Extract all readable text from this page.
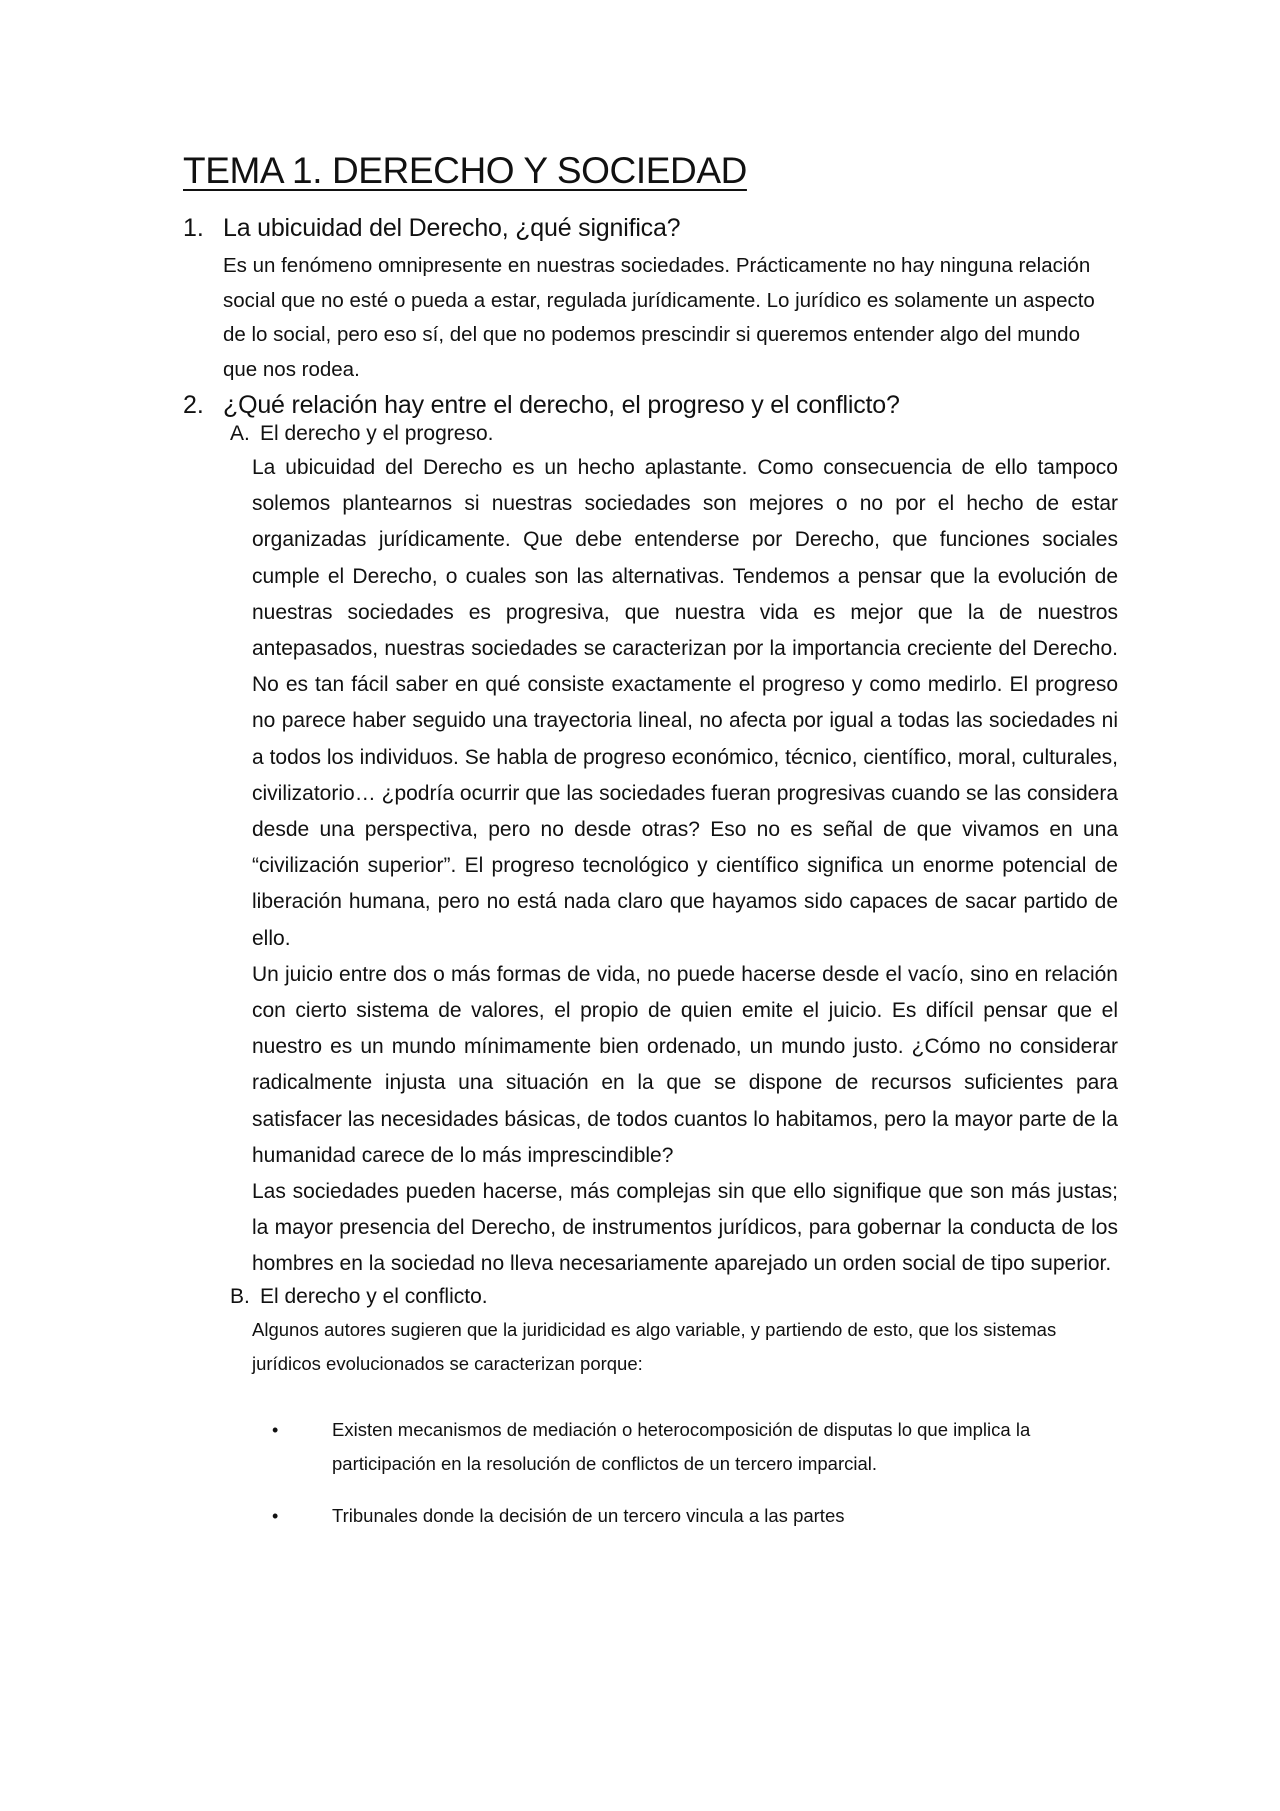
TEMA 1. DERECHO Y SOCIEDAD
1. La ubicuidad del Derecho, ¿qué significa?
Es un fenómeno omnipresente en nuestras sociedades. Prácticamente no hay ninguna relación social que no esté o pueda a estar, regulada jurídicamente. Lo jurídico es solamente un aspecto de lo social, pero eso sí, del que no podemos prescindir si queremos entender algo del mundo que nos rodea.
2. ¿Qué relación hay entre el derecho, el progreso y el conflicto?
A. El derecho y el progreso.

La ubicuidad del Derecho es un hecho aplastante. Como consecuencia de ello tampoco solemos plantearnos si nuestras sociedades son mejores o no por el hecho de estar organizadas jurídicamente. Que debe entenderse por Derecho, que funciones sociales cumple el Derecho, o cuales son las alternativas. Tendemos a pensar que la evolución de nuestras sociedades es progresiva, que nuestra vida es mejor que la de nuestros antepasados, nuestras sociedades se caracterizan por la importancia creciente del Derecho. No es tan fácil saber en qué consiste exactamente el progreso y como medirlo. El progreso no parece haber seguido una trayectoria lineal, no afecta por igual a todas las sociedades ni a todos los individuos. Se habla de progreso económico, técnico, científico, moral, culturales, civilizatorio… ¿podría ocurrir que las sociedades fueran progresivas cuando se las considera desde una perspectiva, pero no desde otras? Eso no es señal de que vivamos en una “civilización superior”. El progreso tecnológico y científico significa un enorme potencial de liberación humana, pero no está nada claro que hayamos sido capaces de sacar partido de ello.

Un juicio entre dos o más formas de vida, no puede hacerse desde el vacío, sino en relación con cierto sistema de valores, el propio de quien emite el juicio. Es difícil pensar que el nuestro es un mundo mínimamente bien ordenado, un mundo justo. ¿Cómo no considerar radicalmente injusta una situación en la que se dispone de recursos suficientes para satisfacer las necesidades básicas, de todos cuantos lo habitamos, pero la mayor parte de la humanidad carece de lo más imprescindible?

Las sociedades pueden hacerse, más complejas sin que ello signifique que son más justas; la mayor presencia del Derecho, de instrumentos jurídicos, para gobernar la conducta de los hombres en la sociedad no lleva necesariamente aparejado un orden social de tipo superior.

B. El derecho y el conflicto.
Algunos autores sugieren que la juridicidad es algo variable, y partiendo de esto, que los sistemas jurídicos evolucionados se caracterizan porque:
•	Existen mecanismos de mediación o heterocomposición de disputas lo que implica la participación en la resolución de conflictos de un tercero imparcial.
•	Tribunales donde la decisión de un tercero vincula a las partes
